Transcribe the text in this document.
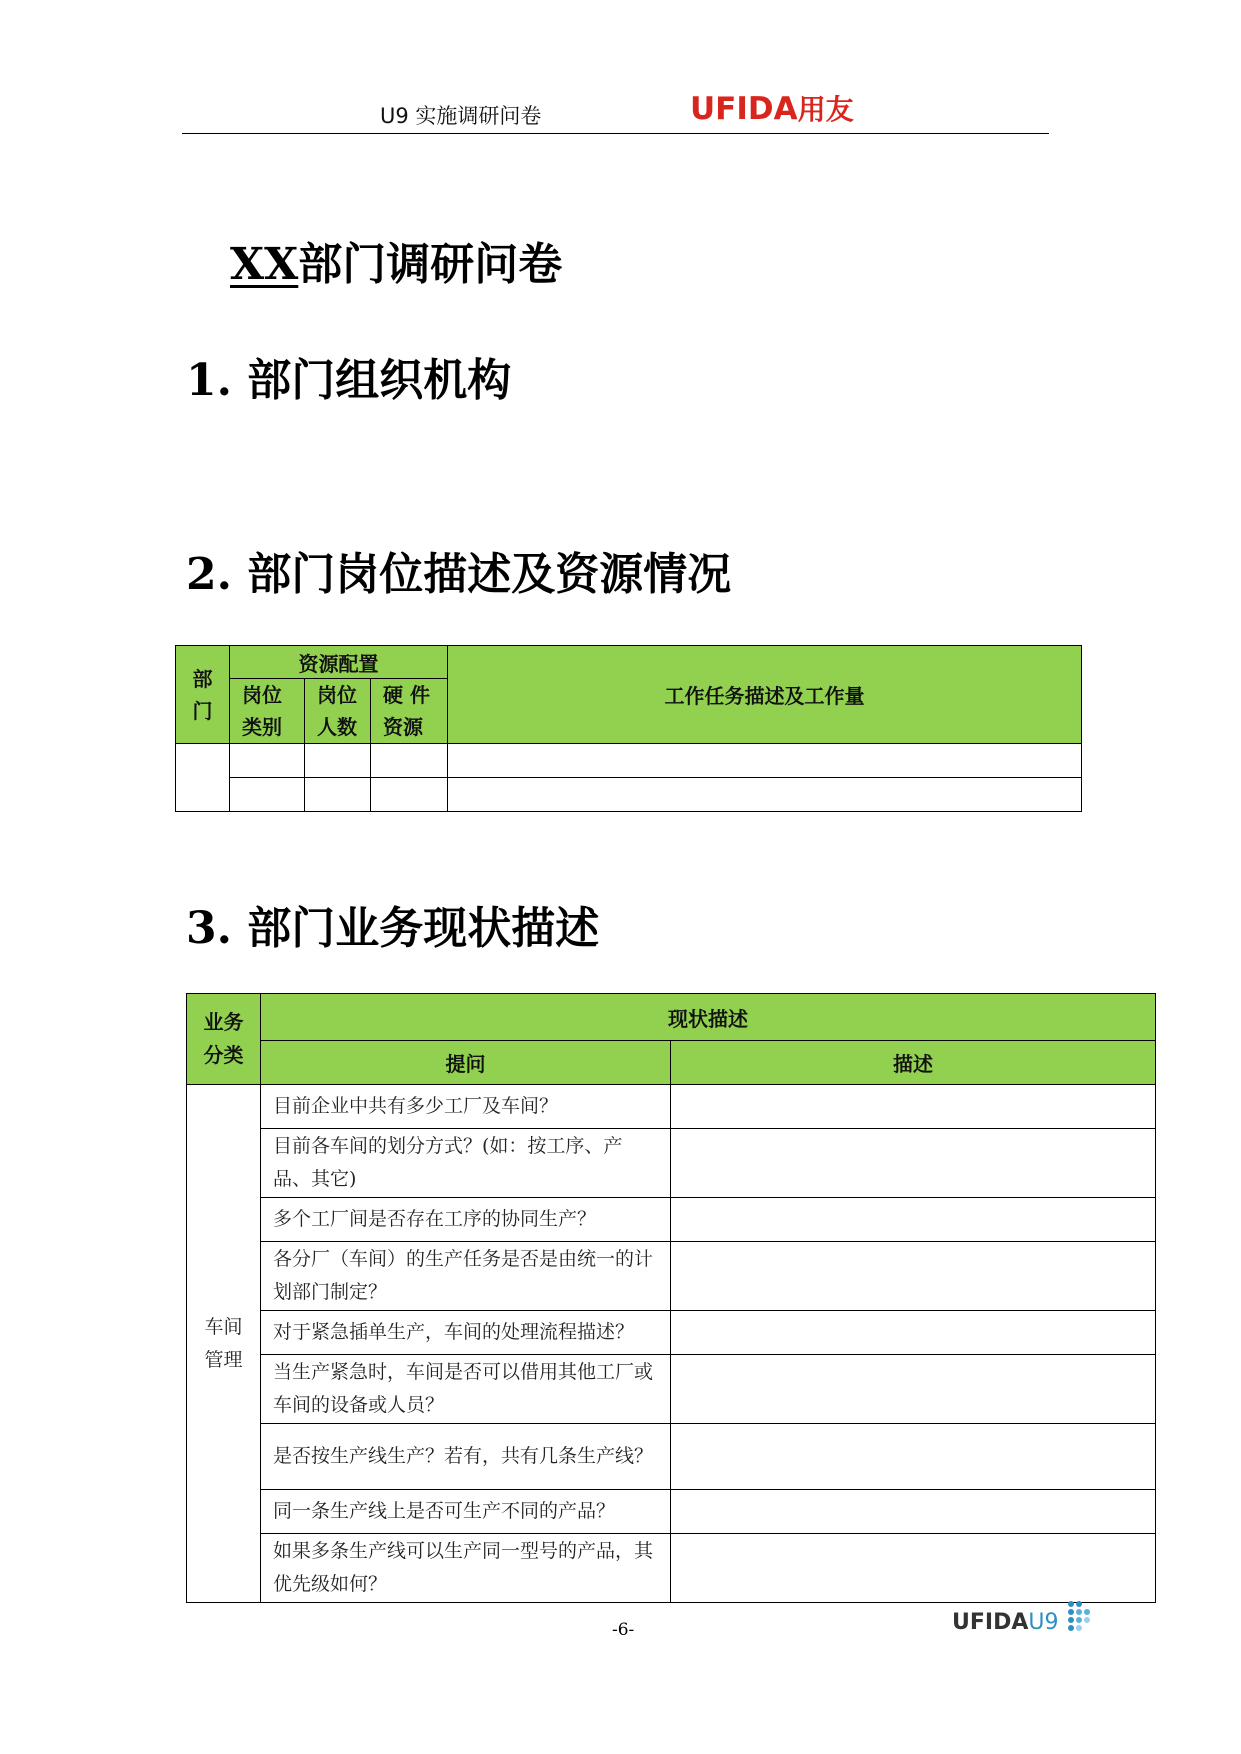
U9 实施调研问卷	UFIDA用友
XX部门调研问卷
1. 部门组织机构
2. 部门岗位描述及资源情况
部门	资源配置			工作任务描述及工作量
	岗位类别	岗位人数	硬 件资源	

3. 部门业务现状描述
业务分类	现状描述	
	提问	描述
车间管理	目前企业中共有多少工厂及车间？	
	目前各车间的划分方式？(如：按工序、产品、其它)	
	多个工厂间是否存在工序的协同生产？	
	各分厂（车间）的生产任务是否是由统一的计划部门制定？	
	对于紧急插单生产，车间的处理流程描述？	
	当生产紧急时，车间是否可以借用其他工厂或车间的设备或人员？	
	是否按生产线生产？若有，共有几条生产线？	
	同一条生产线上是否可生产不同的产品？	
	如果多条生产线可以生产同一型号的产品，其优先级如何？	
-6-	UFIDAU9
